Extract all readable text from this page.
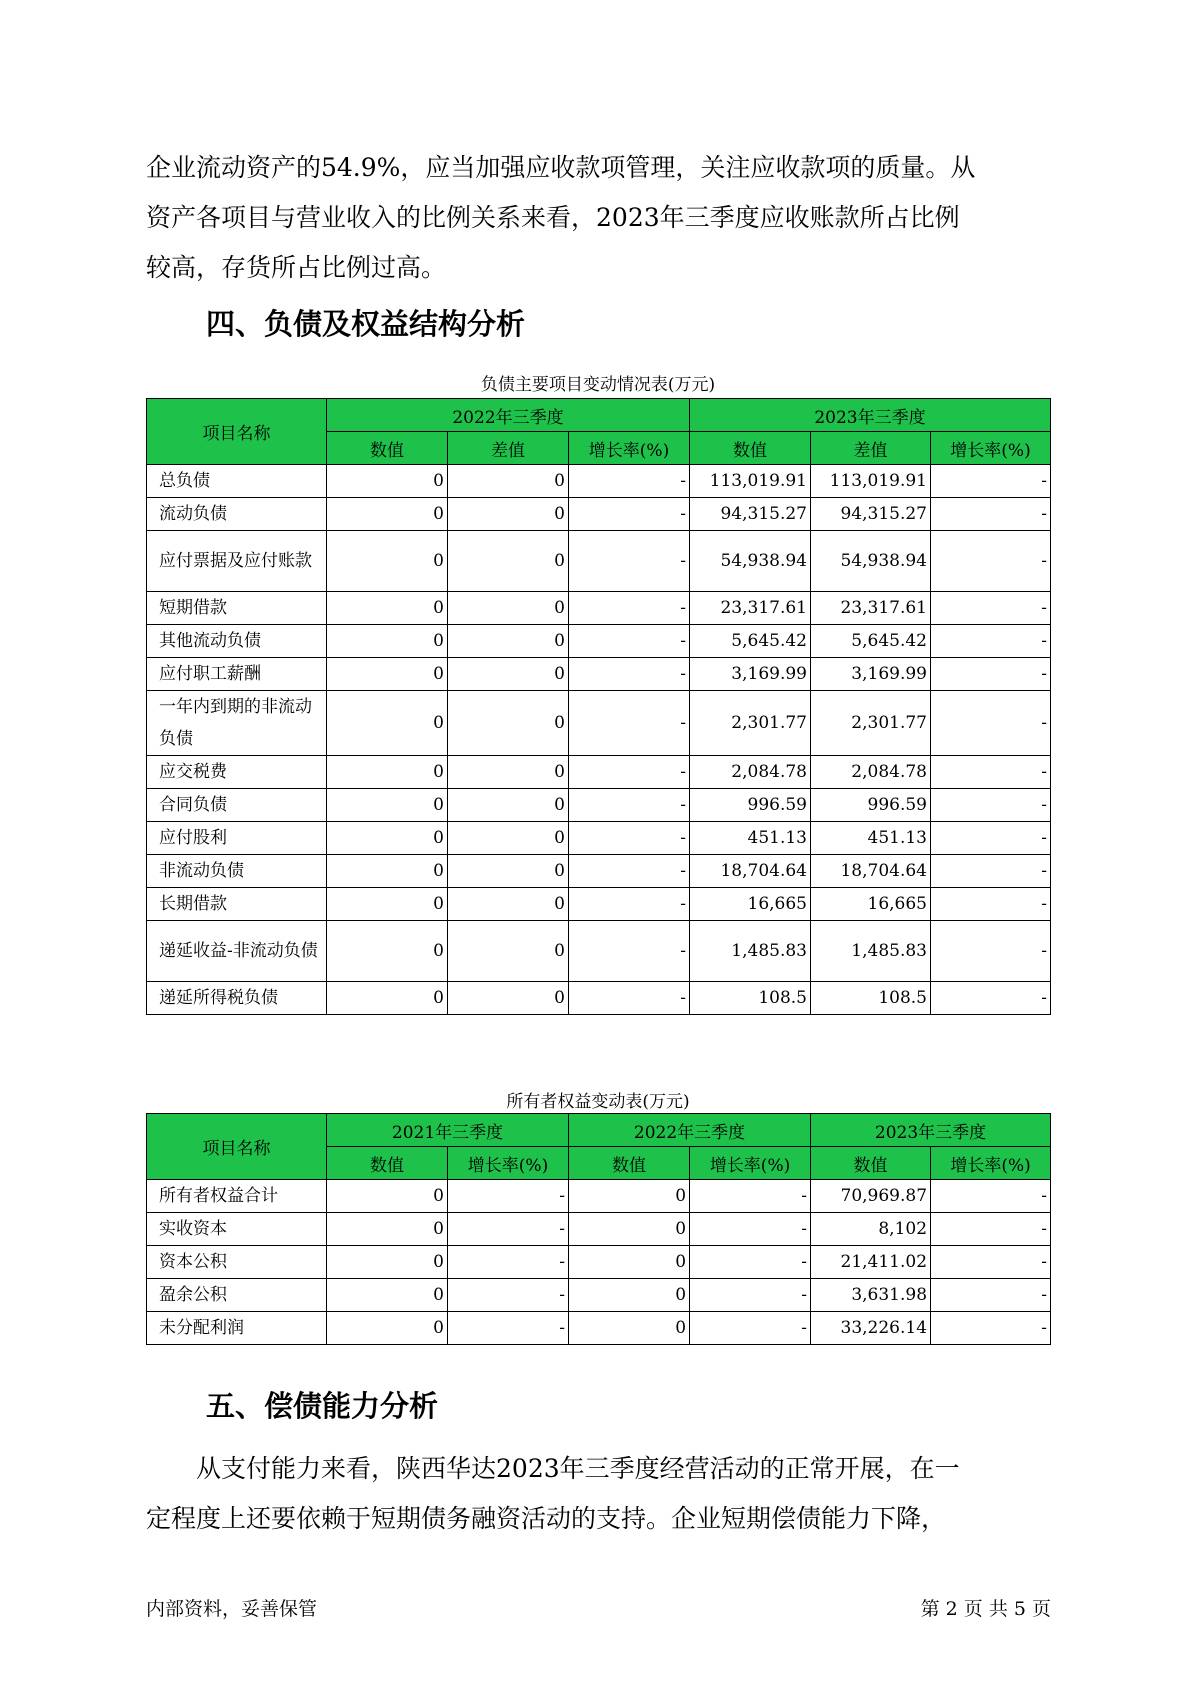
企业流动资产的54.9%，应当加强应收款项管理，关注应收款项的质量。从
资产各项目与营业收入的比例关系来看，2023年三季度应收账款所占比例
较高，存货所占比例过高。

四、负债及权益结构分析
负债主要项目变动情况表(万元)
项目名称	2022年三季度			2023年三季度		
	数值	差值	增长率(%)	数值	差值	增长率(%)
总负债	0	0	-	113,019.91	113,019.91	-
流动负债	0	0	-	94,315.27	94,315.27	-
应付票据及应付账款	0	0	-	54,938.94	54,938.94	-
短期借款	0	0	-	23,317.61	23,317.61	-
其他流动负债	0	0	-	5,645.42	5,645.42	-
应付职工薪酬	0	0	-	3,169.99	3,169.99	-
一年内到期的非流动负债	0	0	-	2,301.77	2,301.77	-
应交税费	0	0	-	2,084.78	2,084.78	-
合同负债	0	0	-	996.59	996.59	-
应付股利	0	0	-	451.13	451.13	-
非流动负债	0	0	-	18,704.64	18,704.64	-
长期借款	0	0	-	16,665	16,665	-
递延收益-非流动负债	0	0	-	1,485.83	1,485.83	-
递延所得税负债	0	0	-	108.5	108.5	-
所有者权益变动表(万元)
项目名称	2021年三季度		2022年三季度		2023年三季度	
	数值	增长率(%)	数值	增长率(%)	数值	增长率(%)
所有者权益合计	0	-	0	-	70,969.87	-
实收资本	0	-	0	-	8,102	-
资本公积	0	-	0	-	21,411.02	-
盈余公积	0	-	0	-	3,631.98	-
未分配利润	0	-	0	-	33,226.14	-
五、偿债能力分析

从支付能力来看，陕西华达2023年三季度经营活动的正常开展，在一
定程度上还要依赖于短期债务融资活动的支持。企业短期偿债能力下降，

内部资料，妥善保管	第 2 页 共 5 页
